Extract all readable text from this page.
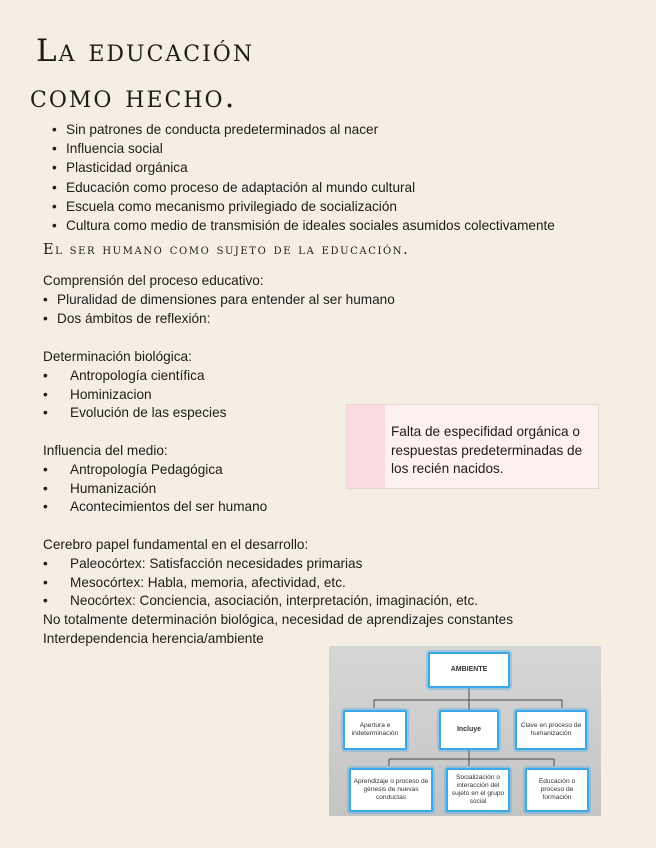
La educación
como hecho.
• Sin patrones de conducta predeterminados al nacer
• Influencia social
• Plasticidad orgánica
• Educación como proceso de adaptación al mundo cultural
• Escuela como mecanismo privilegiado de socialización
• Cultura como medio de transmisión de ideales sociales asumidos colectivamente
El ser humano como sujeto de la educación.
Comprensión del proceso educativo:
• Pluralidad de dimensiones para entender al ser humano
• Dos ámbitos de reflexión:
Determinación biológica:
• Antropología científica
• Hominizacion
• Evolución de las especies
Influencia del medio:
• Antropología Pedagógica
• Humanización
• Acontecimientos del ser humano
Cerebro papel fundamental en el desarrollo:
• Paleocórtex: Satisfacción necesidades primarias
• Mesocórtex: Habla, memoria, afectividad, etc.
• Neocórtex: Conciencia, asociación, interpretación, imaginación, etc.
No totalmente determinación biológica, necesidad de aprendizajes constantes
Interdependencia herencia/ambiente
Falta de especifidad orgánica o respuestas predeterminadas de los recién nacidos.
AMBIENTE
Apertura e indeterminación
Incluye
Clave en proceso de humanización
Aprendizaje o proceso de génesis de nuevas conductas
Socialización o interacción del sujeto en el grupo social
Educación o proceso de formación
